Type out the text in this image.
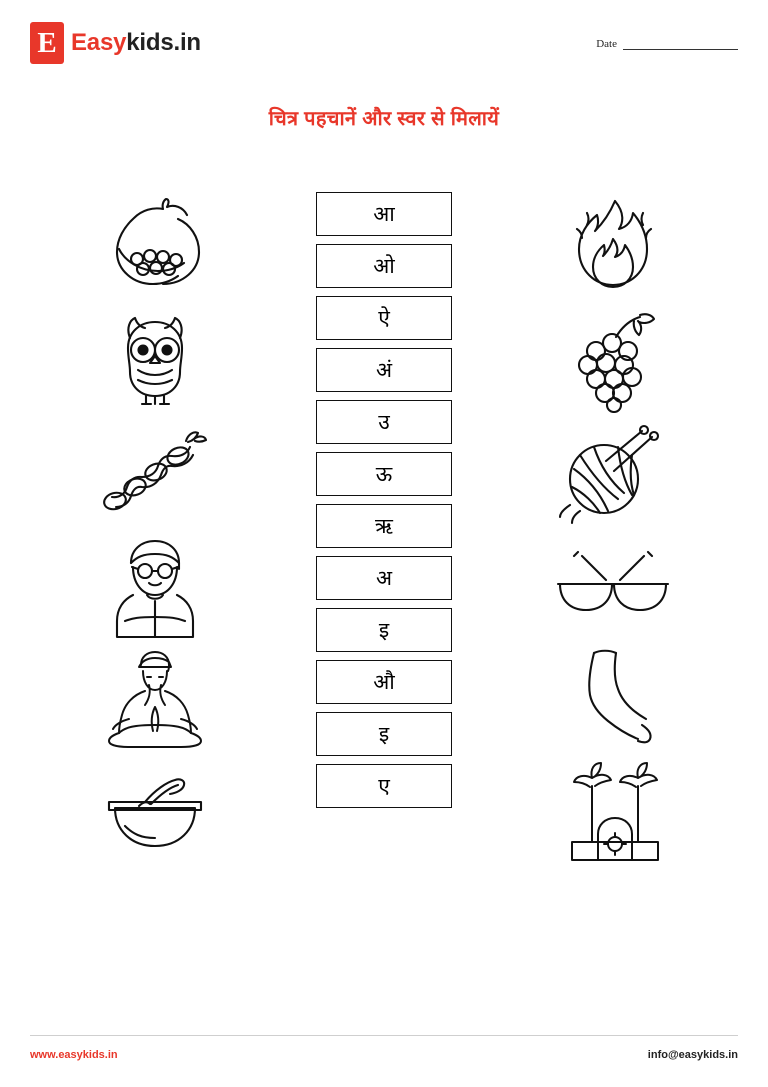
E Easykids.in	Date
चित्र पहचानें और स्वर से मिलायें
आ
ओ
ऐ
अं
उ
ऊ
ऋ
अ
इ
औ
इ
ए
www.easykids.in	info@easykids.in
